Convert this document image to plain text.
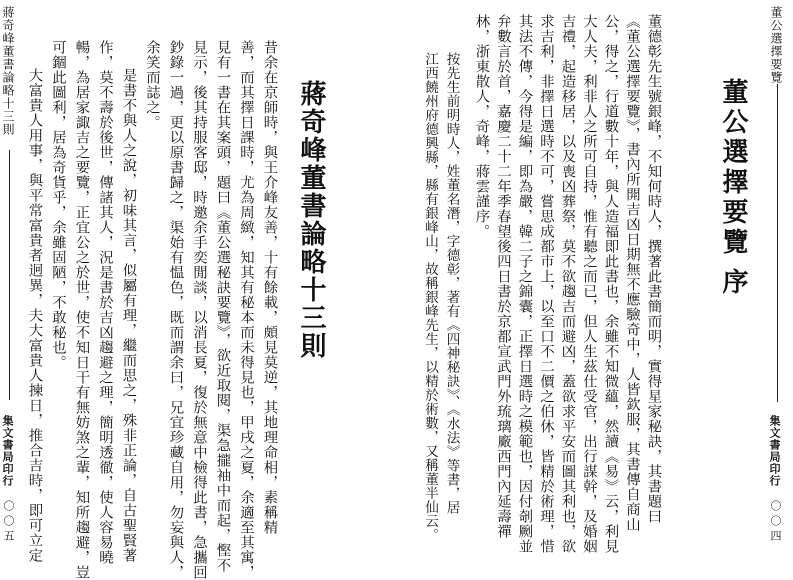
董公選擇要覽
集文書局印行
〇〇四
董公選擇要覽
序
董德彰先生號銀峰，不知何時人，撰著此書簡而明，實得星家秘訣，其書題曰
《董公選擇要覽》，書內所開吉凶日期無不應驗奇中，人皆欽服，其書傳自商山
公，得之，行道數十年，與人造福即此書也，余雖不知微蘊，然讀《易》云，利見
大人夫，利非人之所可自持，惟有聽之而已，但人生茲仕受官，出行謀幹，及婚姻
吉禮，起造移居，以及喪凶葬祭，莫不欲趨吉而避凶，蓋欲求平安而圖其利也，欲
求吉利，非擇日選時不可，嘗思成都市上，以至口不二價之伯休，皆精於術理，惜
其法不傳，今得是編，即為嚴，韓二子之錦囊，正擇日選時之模範也，因付剞劂並
弁數言於首，嘉慶二十二年季春望後四日書於京都宣武門外琉璃廠西門內延壽禪
林，浙東散人，奇峰，蔣雲謹序。
按先生前明時人，姓董名潛，字德彰，著有《四神秘訣》、《水法》等書，居
江西饒州府德興縣，縣有銀峰山，故稱銀峰先生，以精於術數，又稱董半仙云。
蔣奇峰董書論略十三則
集文書局印行
〇〇五
蔣奇峰董書論略十三則
昔余在京師時，與王介峰友善，十有餘載，頗見莫逆，其地理命相，素稱精
善，而其擇日課時，尤為周緻，知其有秘本而未得見也，甲戌之夏，余適至其寓，
見有一書在其案頭，題曰《董公選秘訣要覽》，欲近取閱，渠急攏袖中而起，慳不
見示，後其持服客邸，時邀余手奕閒談，以消長夏，復於無意中檢得此書，急攜回
鈔錄一過，更以原書歸之，渠始有愠色，既而謂余曰，兄宜珍藏自用，勿妄與人，
余笑而誌之。
是書不與人之說，初味其言，似屬有理，繼而思之，殊非正論，自古聖賢著
作，莫不壽於後世，傳諸其人，況是書於吉凶趨避之理，簡明透徹，使人容易曉
暢，為居家諏吉之要覽，正宜公之於世，使不知日干有無妨煞之輩，知所趨避，豈
可錮此圖利，居為奇貨乎，余雖固陋，不敢秘也。
大富貴人用事，與平常富貴者迥異，夫大富貴人揀日，推合吉時，即可立定
